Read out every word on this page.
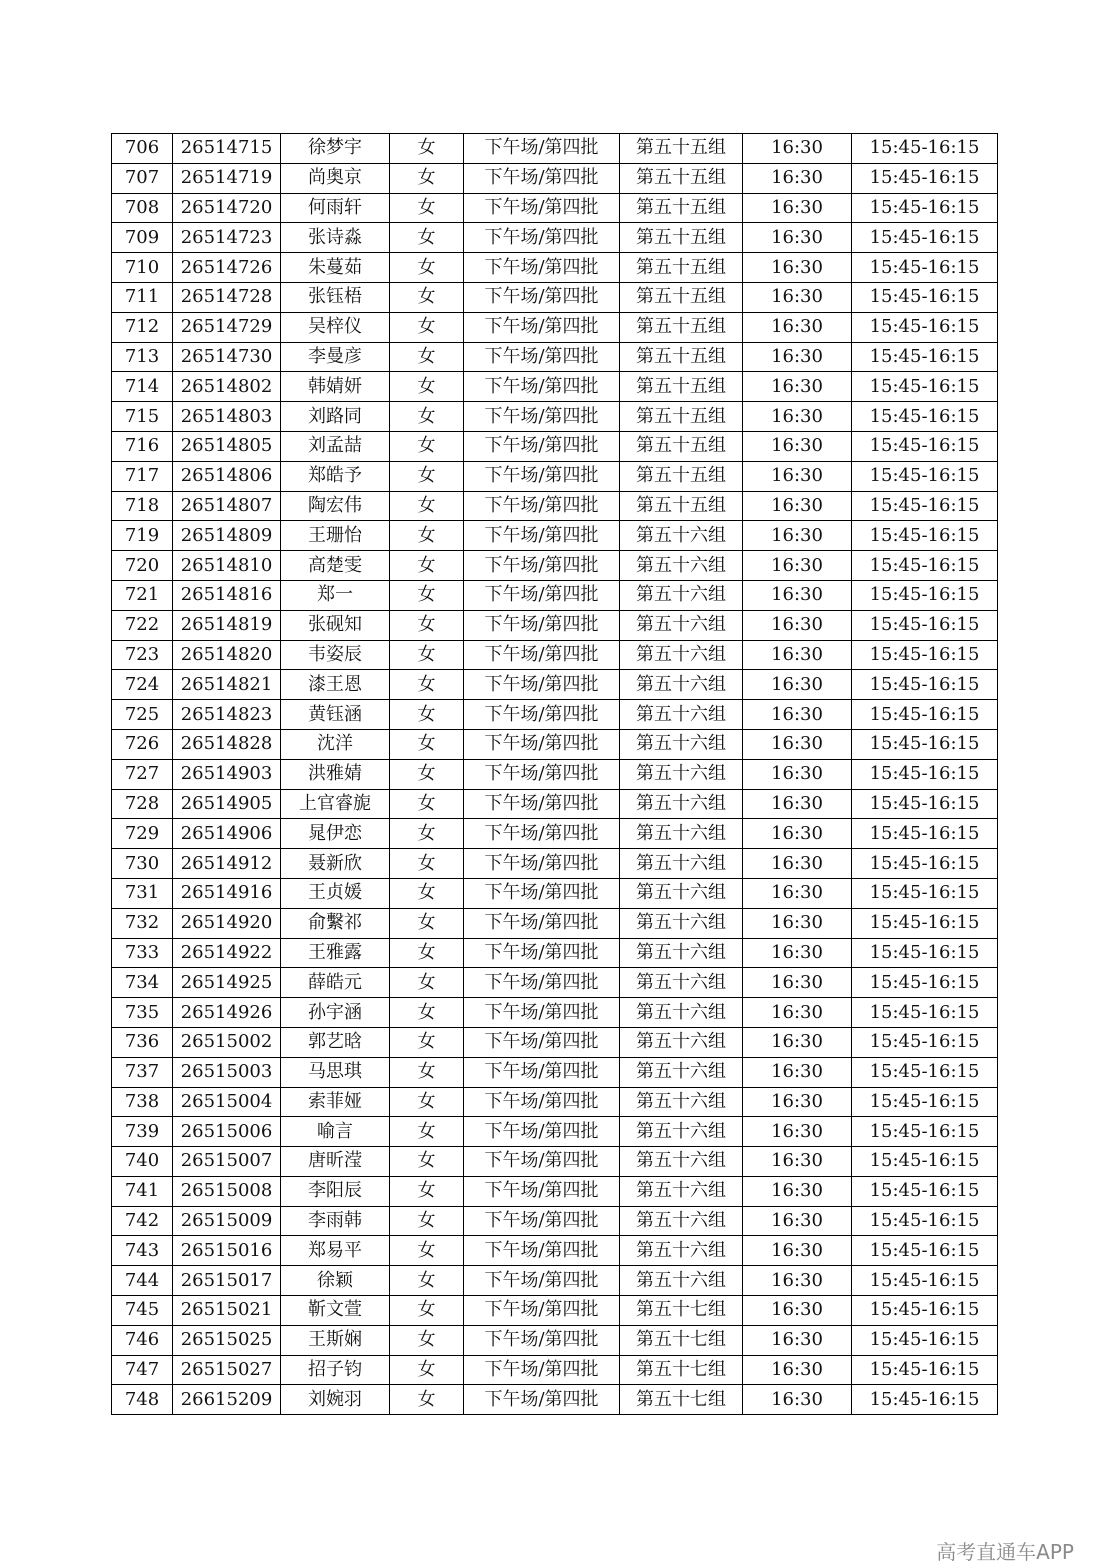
706	26514715	徐梦宇	女	下午场/第四批	第五十五组	16:30	15:45-16:15
707	26514719	尚奥京	女	下午场/第四批	第五十五组	16:30	15:45-16:15
708	26514720	何雨轩	女	下午场/第四批	第五十五组	16:30	15:45-16:15
709	26514723	张诗淼	女	下午场/第四批	第五十五组	16:30	15:45-16:15
710	26514726	朱蔓茹	女	下午场/第四批	第五十五组	16:30	15:45-16:15
711	26514728	张钰梧	女	下午场/第四批	第五十五组	16:30	15:45-16:15
712	26514729	吴梓仪	女	下午场/第四批	第五十五组	16:30	15:45-16:15
713	26514730	李曼彦	女	下午场/第四批	第五十五组	16:30	15:45-16:15
714	26514802	韩婧妍	女	下午场/第四批	第五十五组	16:30	15:45-16:15
715	26514803	刘路同	女	下午场/第四批	第五十五组	16:30	15:45-16:15
716	26514805	刘孟喆	女	下午场/第四批	第五十五组	16:30	15:45-16:15
717	26514806	郑皓予	女	下午场/第四批	第五十五组	16:30	15:45-16:15
718	26514807	陶宏伟	女	下午场/第四批	第五十五组	16:30	15:45-16:15
719	26514809	王珊怡	女	下午场/第四批	第五十六组	16:30	15:45-16:15
720	26514810	高楚雯	女	下午场/第四批	第五十六组	16:30	15:45-16:15
721	26514816	郑一	女	下午场/第四批	第五十六组	16:30	15:45-16:15
722	26514819	张砚知	女	下午场/第四批	第五十六组	16:30	15:45-16:15
723	26514820	韦姿辰	女	下午场/第四批	第五十六组	16:30	15:45-16:15
724	26514821	漆王恩	女	下午场/第四批	第五十六组	16:30	15:45-16:15
725	26514823	黄钰涵	女	下午场/第四批	第五十六组	16:30	15:45-16:15
726	26514828	沈洋	女	下午场/第四批	第五十六组	16:30	15:45-16:15
727	26514903	洪雅婧	女	下午场/第四批	第五十六组	16:30	15:45-16:15
728	26514905	上官睿旎	女	下午场/第四批	第五十六组	16:30	15:45-16:15
729	26514906	晁伊恋	女	下午场/第四批	第五十六组	16:30	15:45-16:15
730	26514912	聂新欣	女	下午场/第四批	第五十六组	16:30	15:45-16:15
731	26514916	王贞媛	女	下午场/第四批	第五十六组	16:30	15:45-16:15
732	26514920	俞繫祁	女	下午场/第四批	第五十六组	16:30	15:45-16:15
733	26514922	王雅露	女	下午场/第四批	第五十六组	16:30	15:45-16:15
734	26514925	薛皓元	女	下午场/第四批	第五十六组	16:30	15:45-16:15
735	26514926	孙宇涵	女	下午场/第四批	第五十六组	16:30	15:45-16:15
736	26515002	郭艺晗	女	下午场/第四批	第五十六组	16:30	15:45-16:15
737	26515003	马思琪	女	下午场/第四批	第五十六组	16:30	15:45-16:15
738	26515004	索菲娅	女	下午场/第四批	第五十六组	16:30	15:45-16:15
739	26515006	喻言	女	下午场/第四批	第五十六组	16:30	15:45-16:15
740	26515007	唐昕滢	女	下午场/第四批	第五十六组	16:30	15:45-16:15
741	26515008	李阳辰	女	下午场/第四批	第五十六组	16:30	15:45-16:15
742	26515009	李雨韩	女	下午场/第四批	第五十六组	16:30	15:45-16:15
743	26515016	郑易平	女	下午场/第四批	第五十六组	16:30	15:45-16:15
744	26515017	徐颖	女	下午场/第四批	第五十六组	16:30	15:45-16:15
745	26515021	靳文萱	女	下午场/第四批	第五十七组	16:30	15:45-16:15
746	26515025	王斯娴	女	下午场/第四批	第五十七组	16:30	15:45-16:15
747	26515027	招子钧	女	下午场/第四批	第五十七组	16:30	15:45-16:15
748	26615209	刘婉羽	女	下午场/第四批	第五十七组	16:30	15:45-16:15
高考直通车APP
